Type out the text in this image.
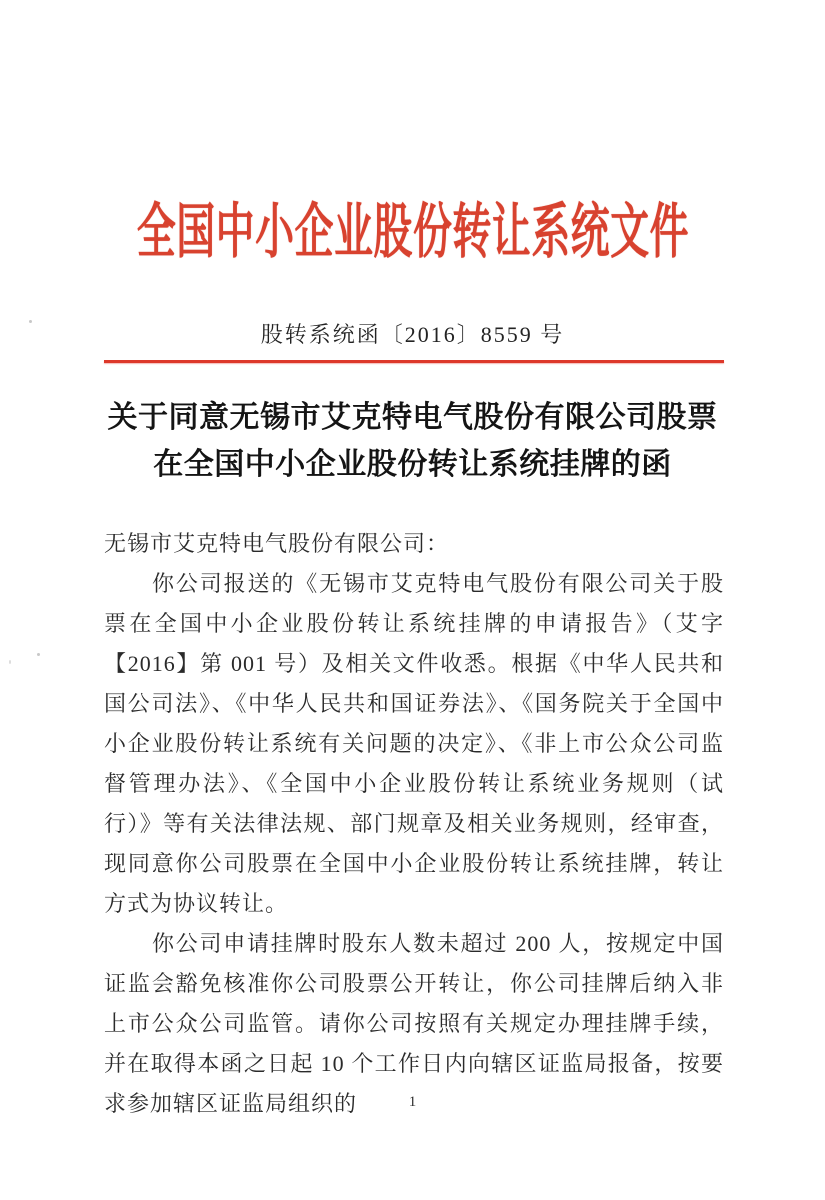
全国中小企业股份转让系统文件
股转系统函〔2016〕8559 号
关于同意无锡市艾克特电气股份有限公司股票
在全国中小企业股份转让系统挂牌的函

无锡市艾克特电气股份有限公司：

你公司报送的《无锡市艾克特电气股份有限公司关于股票在全国中小企业股份转让系统挂牌的申请报告》（艾字【2016】第 001 号）及相关文件收悉。根据《中华人民共和国公司法》、《中华人民共和国证券法》、《国务院关于全国中小企业股份转让系统有关问题的决定》、《非上市公众公司监督管理办法》、《全国中小企业股份转让系统业务规则（试行）》等有关法律法规、部门规章及相关业务规则，经审查，现同意你公司股票在全国中小企业股份转让系统挂牌，转让方式为协议转让。

你公司申请挂牌时股东人数未超过 200 人，按规定中国证监会豁免核准你公司股票公开转让，你公司挂牌后纳入非上市公众公司监管。请你公司按照有关规定办理挂牌手续，并在取得本函之日起 10 个工作日内向辖区证监局报备，按要求参加辖区证监局组织的	1
